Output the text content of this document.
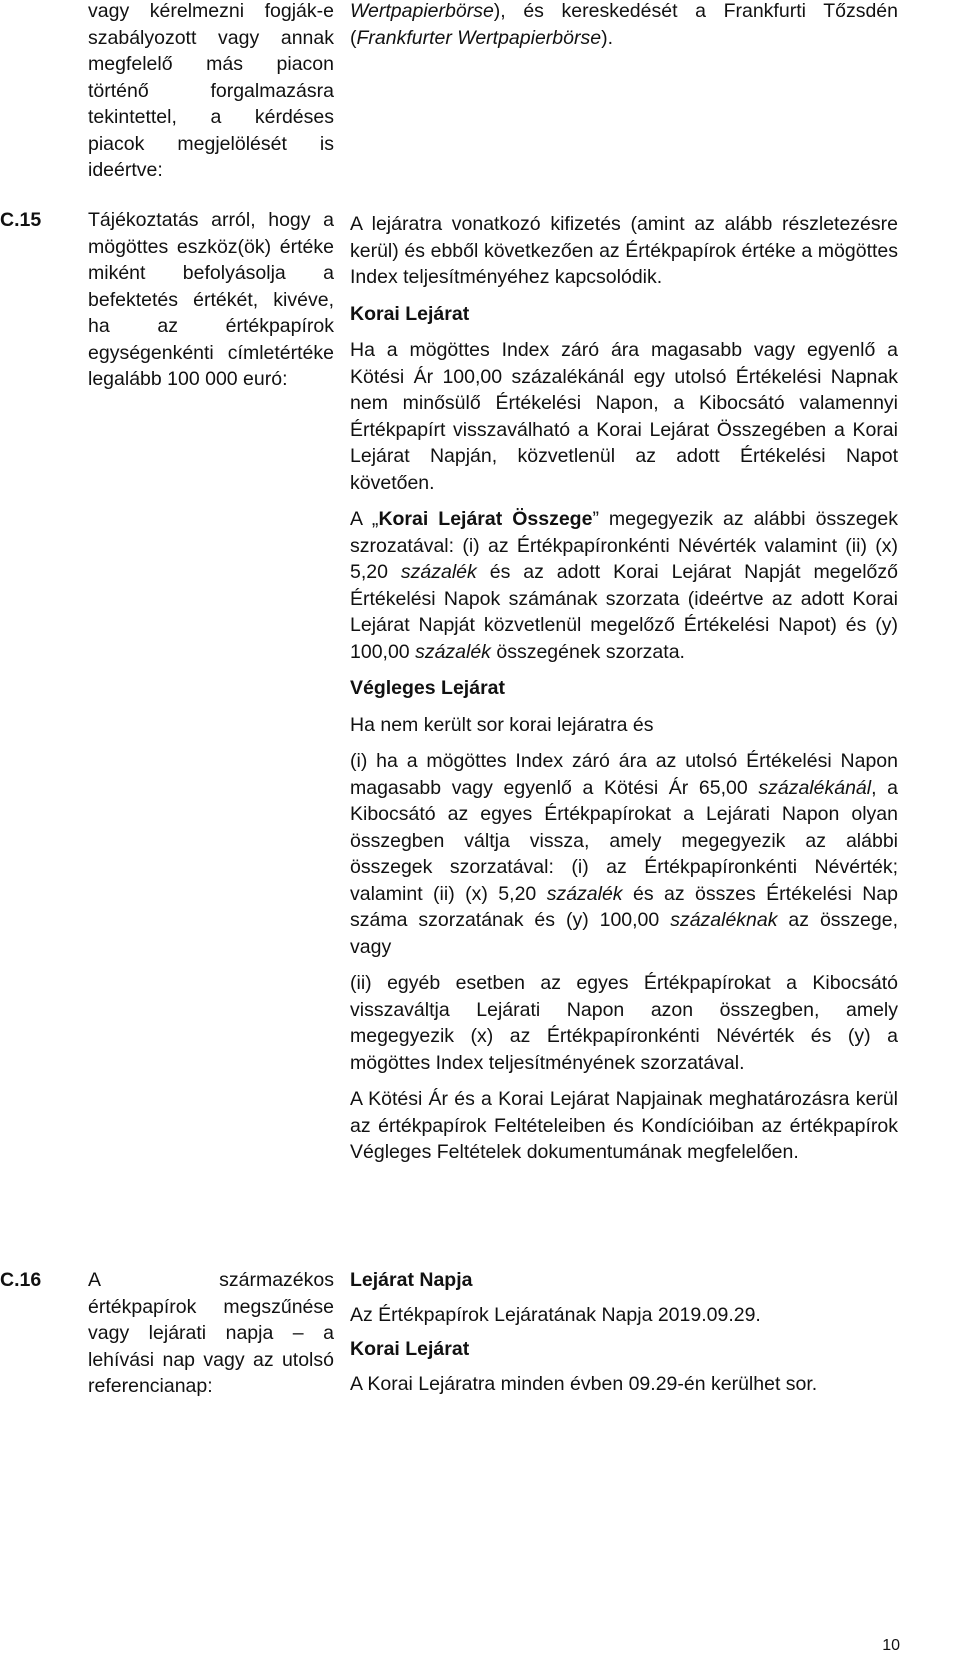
vagy kérelmezni fogják-e szabályozott vagy annak megfelelő más piacon történő forgalmazásra tekintettel, a kérdéses piacok megjelölését is ideértve:

Wertpapierbörse), és kereskedését a Frankfurti Tőzsdén (Frankfurter Wertpapierbörse).

C.15 Tájékoztatás arról, hogy a mögöttes eszköz(ök) értéke miként befolyásolja a befektetés értékét, kivéve, ha az értékpapírok egységenkénti címletértéke legalább 100 000 euró:

A lejáratra vonatkozó kifizetés (amint az alább részletezésre kerül) és ebből következően az Értékpapírok értéke a mögöttes Index teljesítményéhez kapcsolódik.

Korai Lejárat

Ha a mögöttes Index záró ára magasabb vagy egyenlő a Kötési Ár 100,00 százalékánál egy utolsó Értékelési Napnak nem minősülő Értékelési Napon, a Kibocsátó valamennyi Értékpapírt visszaválható a Korai Lejárat Összegében a Korai Lejárat Napján, közvetlenül az adott Értékelési Napot követően.

A „Korai Lejárat Összege” megegyezik az alábbi összegek szrozatával: (i) az Értékpapíronkénti Névérték valamint (ii) (x) 5,20 százalék és az adott Korai Lejárat Napját megelőző Értékelési Napok számának szorzata (ideértve az adott Korai Lejárat Napját közvetlenül megelőző Értékelési Napot) és (y) 100,00 százalék összegének szorzata.

Végleges Lejárat

Ha nem került sor korai lejáratra és

(i) ha a mögöttes Index záró ára az utolsó Értékelési Napon magasabb vagy egyenlő a Kötési Ár 65,00 százalékánál, a Kibocsátó az egyes Értékpapírokat a Lejárati Napon olyan összegben váltja vissza, amely megegyezik az alábbi összegek szorzatával: (i) az Értékpapíronkénti Névérték; valamint (ii) (x) 5,20 százalék és az összes Értékelési Nap száma szorzatának és (y) 100,00 százaléknak az összege, vagy

(ii) egyéb esetben az egyes Értékpapírokat a Kibocsátó visszaváltja Lejárati Napon azon összegben, amely megegyezik (x) az Értékpapíronkénti Névérték és (y) a mögöttes Index teljesítményének szorzatával.

A Kötési Ár és a Korai Lejárat Napjainak meghatározásra kerül az értékpapírok Feltételeiben és Kondícióiban az értékpapírok Végleges Feltételek dokumentumának megfelelően.

C.16 A származékos értékpapírok megszűnése vagy lejárati napja – a lehívási nap vagy az utolsó referencianap:

Lejárat Napja

Az Értékpapírok Lejáratának Napja 2019.09.29.

Korai Lejárat

A Korai Lejáratra minden évben 09.29-én kerülhet sor.

10
